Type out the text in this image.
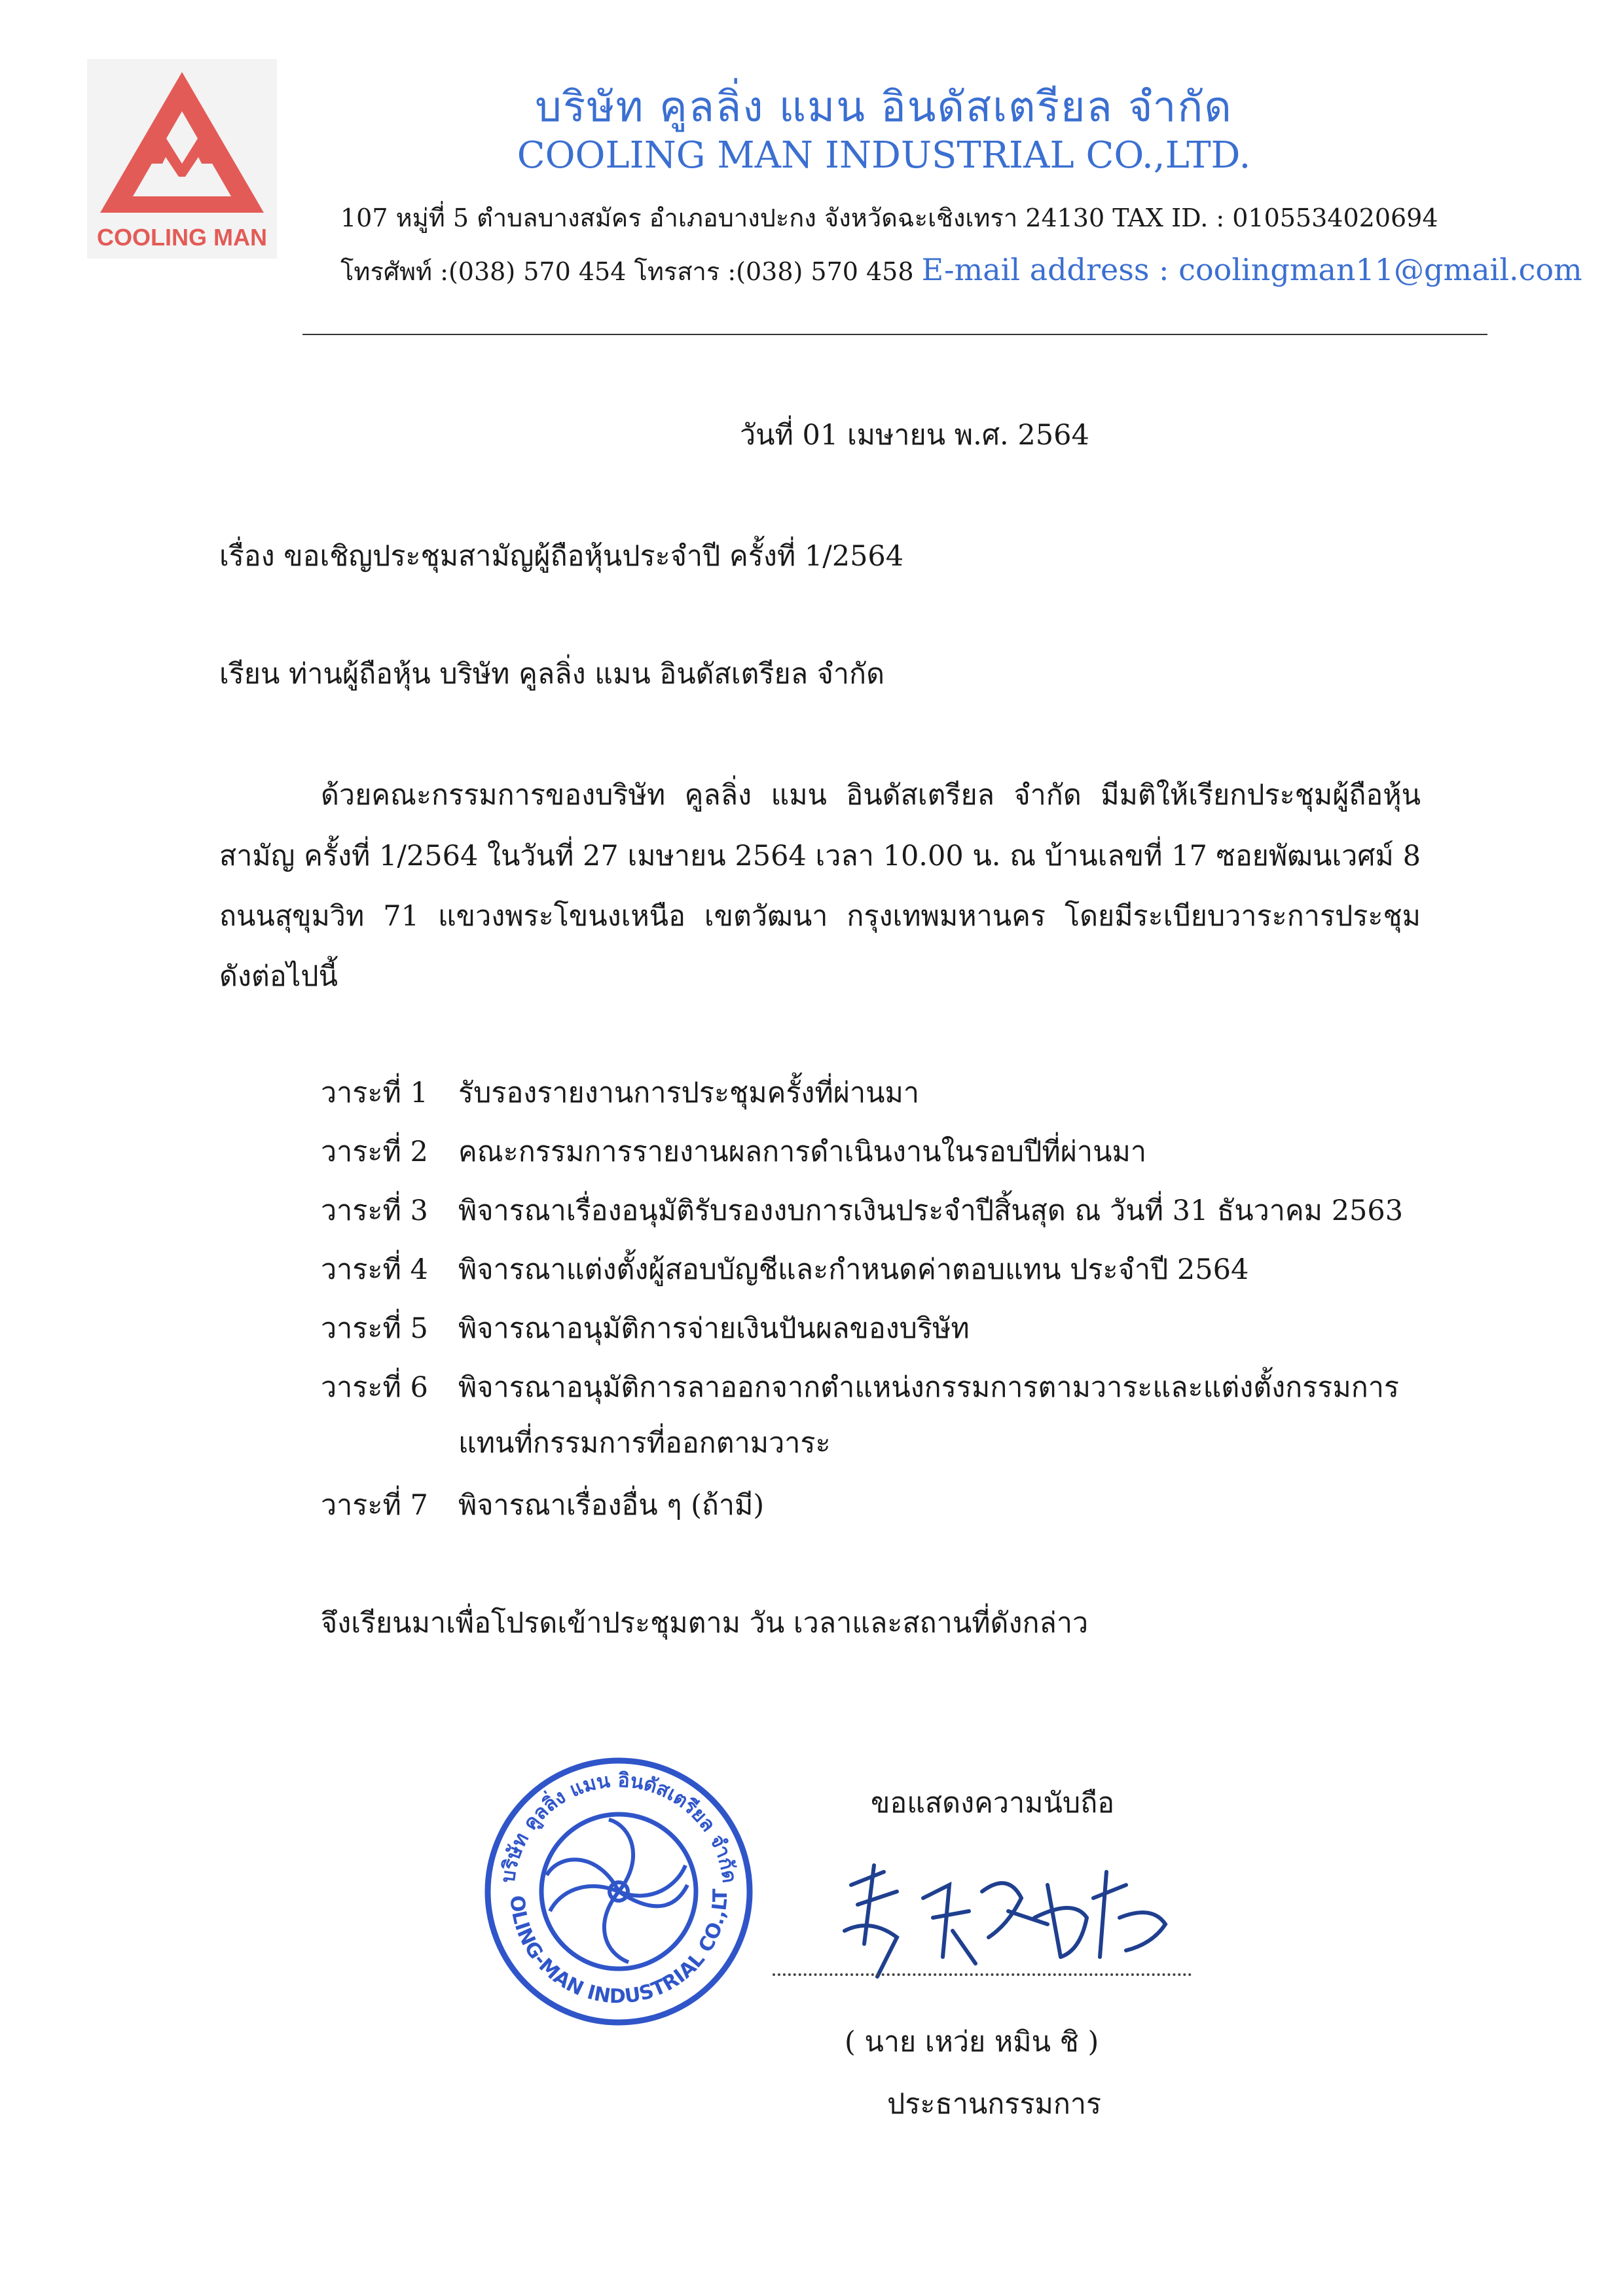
COOLING MAN
บริษัท คูลลิ่ง แมน อินดัสเตรียล จำกัด
COOLING MAN INDUSTRIAL CO.,LTD.
107 หมู่ที่ 5 ตำบลบางสมัคร อำเภอบางปะกง จังหวัดฉะเชิงเทรา 24130 TAX ID. : 0105534020694
โทรศัพท์ :(038) 570 454 โทรสาร :(038) 570 458 E-mail address : coolingman11@gmail.com
วันที่ 01 เมษายน พ.ศ. 2564
เรื่อง ขอเชิญประชุมสามัญผู้ถือหุ้นประจำปี ครั้งที่ 1/2564
เรียน ท่านผู้ถือหุ้น บริษัท คูลลิ่ง แมน อินดัสเตรียล จำกัด
ด้วยคณะกรรมการของบริษัท คูลลิ่ง แมน อินดัสเตรียล จำกัด มีมติให้เรียกประชุมผู้ถือหุ้น
สามัญ ครั้งที่ 1/2564 ในวันที่ 27 เมษายน 2564 เวลา 10.00 น. ณ บ้านเลขที่ 17 ซอยพัฒนเวศม์ 8
ถนนสุขุมวิท 71 แขวงพระโขนงเหนือ เขตวัฒนา กรุงเทพมหานคร โดยมีระเบียบวาระการประชุม
ดังต่อไปนี้
วาระที่ 1 รับรองรายงานการประชุมครั้งที่ผ่านมา
วาระที่ 2 คณะกรรมการรายงานผลการดำเนินงานในรอบปีที่ผ่านมา
วาระที่ 3 พิจารณาเรื่องอนุมัติรับรองงบการเงินประจำปีสิ้นสุด ณ วันที่ 31 ธันวาคม 2563
วาระที่ 4 พิจารณาแต่งตั้งผู้สอบบัญชีและกำหนดค่าตอบแทน ประจำปี 2564
วาระที่ 5 พิจารณาอนุมัติการจ่ายเงินปันผลของบริษัท
วาระที่ 6 พิจารณาอนุมัติการลาออกจากตำแหน่งกรรมการตามวาระและแต่งตั้งกรรมการ
แทนที่กรรมการที่ออกตามวาระ
วาระที่ 7 พิจารณาเรื่องอื่น ๆ (ถ้ามี)
จึงเรียนมาเพื่อโปรดเข้าประชุมตาม วัน เวลาและสถานที่ดังกล่าว
ขอแสดงความนับถือ
บริษัท คูลลิ่ง แมน อินดัสเตรียล จำกัด
OLING-MAN INDUSTRIAL CO.,LT
( นาย เหว่ย หมิน ชิ )
ประธานกรรมการ
